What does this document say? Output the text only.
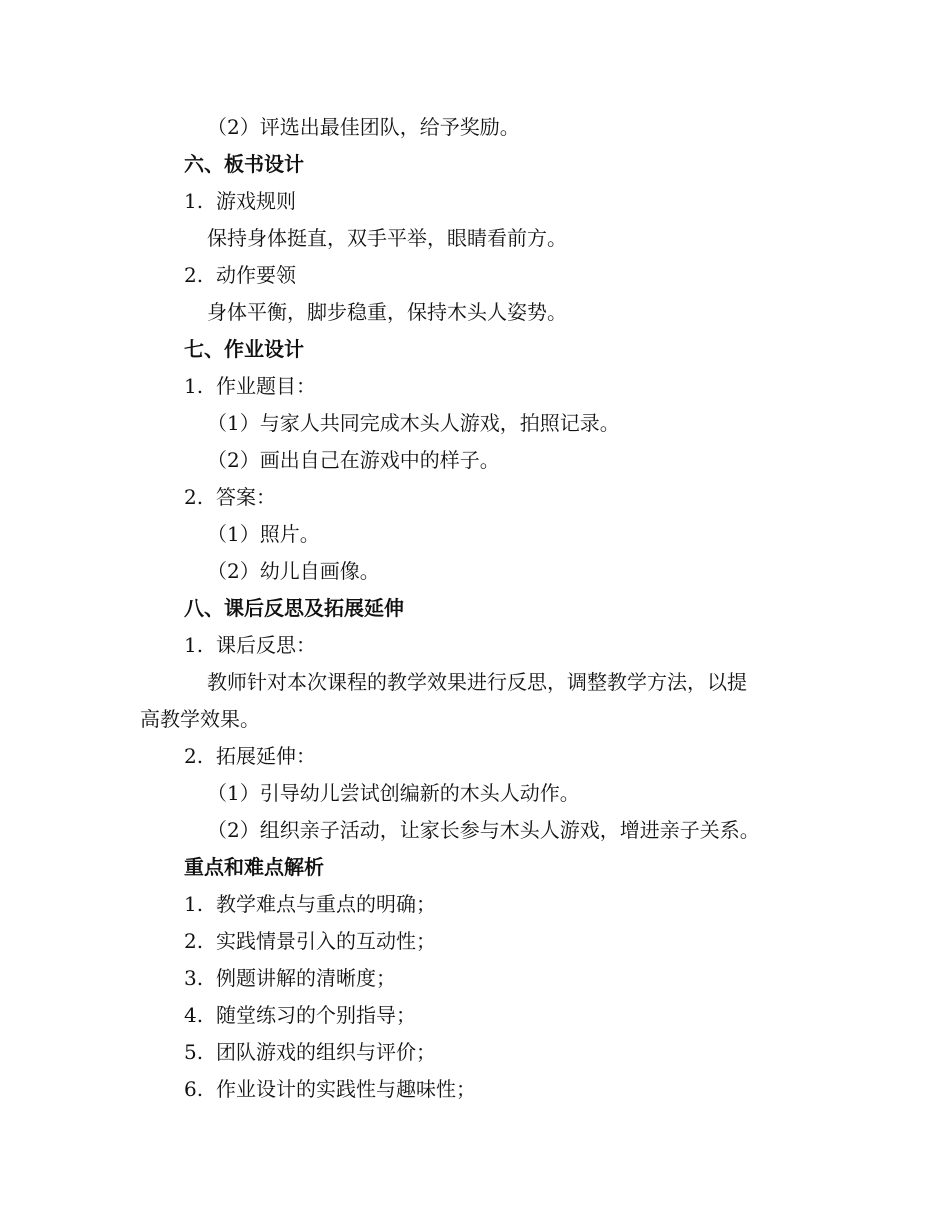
（2）评选出最佳团队，给予奖励。
六、板书设计
1. 游戏规则
保持身体挺直，双手平举，眼睛看前方。
2. 动作要领
身体平衡，脚步稳重，保持木头人姿势。
七、作业设计
1. 作业题目：
（1）与家人共同完成木头人游戏，拍照记录。
（2）画出自己在游戏中的样子。
2. 答案：
（1）照片。
（2）幼儿自画像。
八、课后反思及拓展延伸
1. 课后反思：
教师针对本次课程的教学效果进行反思，调整教学方法，以提
高教学效果。
2. 拓展延伸：
（1）引导幼儿尝试创编新的木头人动作。
（2）组织亲子活动，让家长参与木头人游戏，增进亲子关系。
重点和难点解析
1. 教学难点与重点的明确；
2. 实践情景引入的互动性；
3. 例题讲解的清晰度；
4. 随堂练习的个别指导；
5. 团队游戏的组织与评价；
6. 作业设计的实践性与趣味性；
